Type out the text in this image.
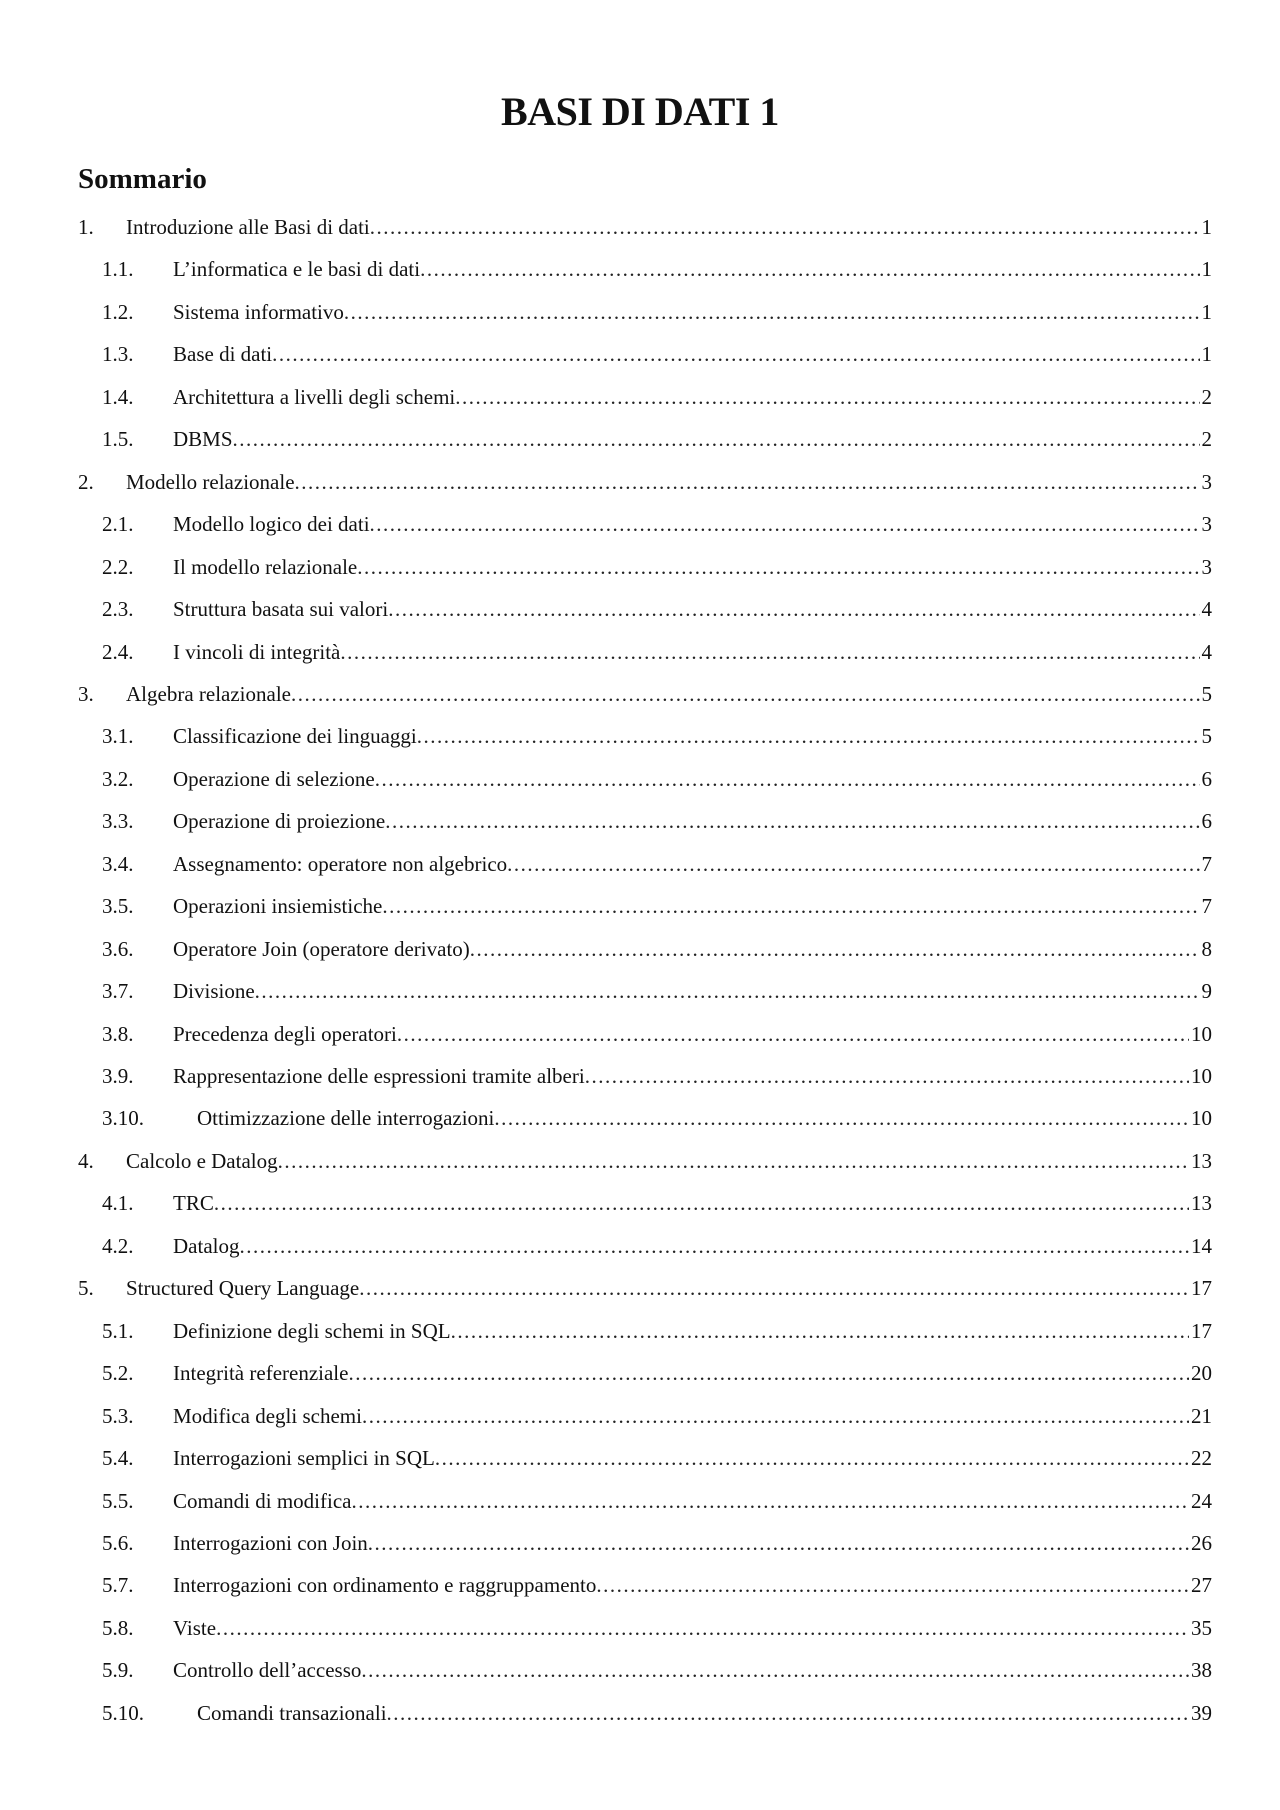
BASI DI DATI 1
Sommario
1. Introduzione alle Basi di dati .....	1
1.1. L’informatica e le basi di dati .....	1
1.2. Sistema informativo .....	1
1.3. Base di dati .....	1
1.4. Architettura a livelli degli schemi .....	2
1.5. DBMS .....	2
2. Modello relazionale .....	3
2.1. Modello logico dei dati .....	3
2.2. Il modello relazionale .....	3
2.3. Struttura basata sui valori .....	4
2.4. I vincoli di integrità .....	4
3. Algebra relazionale .....	5
3.1. Classificazione dei linguaggi .....	5
3.2. Operazione di selezione .....	6
3.3. Operazione di proiezione .....	6
3.4. Assegnamento: operatore non algebrico .....	7
3.5. Operazioni insiemistiche .....	7
3.6. Operatore Join (operatore derivato) .....	8
3.7. Divisione .....	9
3.8. Precedenza degli operatori .....	10
3.9. Rappresentazione delle espressioni tramite alberi .....	10
3.10.	Ottimizzazione delle interrogazioni .....	10
4. Calcolo e Datalog .....	13
4.1. TRC .....	13
4.2. Datalog .....	14
5. Structured Query Language .....	17
5.1. Definizione degli schemi in SQL .....	17
5.2. Integrità referenziale .....	20
5.3. Modifica degli schemi .....	21
5.4. Interrogazioni semplici in SQL .....	22
5.5. Comandi di modifica .....	24
5.6. Interrogazioni con Join .....	26
5.7. Interrogazioni con ordinamento e raggruppamento .....	27
5.8. Viste .....	35
5.9. Controllo dell’accesso .....	38
5.10.	Comandi transazionali .....	39
